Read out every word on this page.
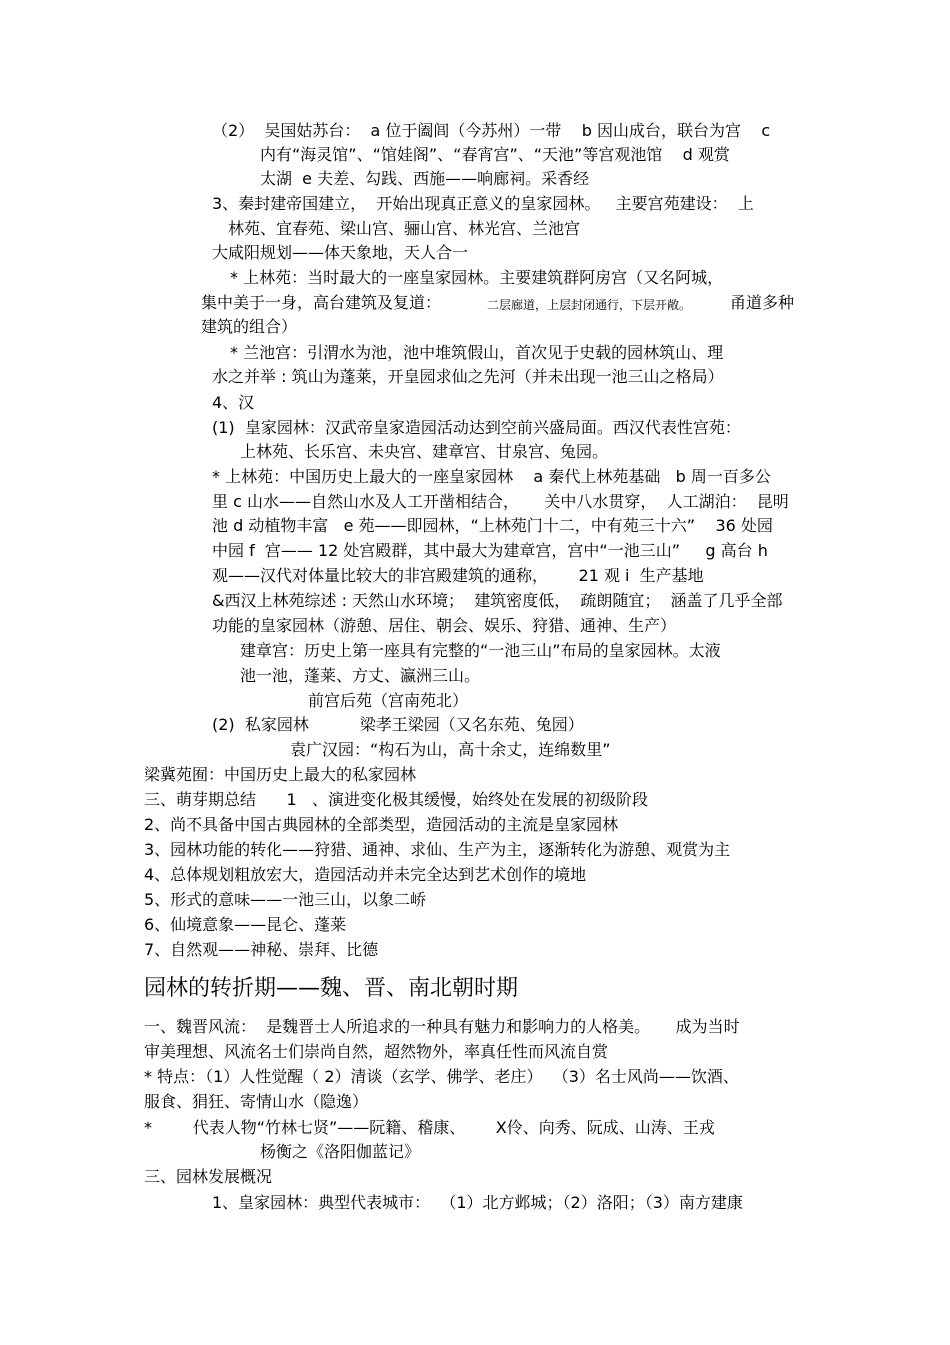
（2）  吴国姑苏台：  a 位于阖闾（今苏州）一带    b 因山成台，联台为宫    c
内有“海灵馆”、“馆娃阁”、“春宵宫”、“天池”等宫观池馆    d 观赏
太湖  e 夫差、勾践、西施——响廊祠。采香经
3、秦封建帝国建立，  开始出现真正意义的皇家园林。   主要宫苑建设：  上
林苑、宜春苑、梁山宫、骊山宫、林光宫、兰池宫
大咸阳规划——体天象地，天人合一
* 上林苑：当时最大的一座皇家园林。主要建筑群阿房宫（又名阿城，
集中美于一身，高台建筑及复道：	二层廊道，上层封闭通行，下层开敞。 甬道多种
建筑的组合）
* 兰池宫：引渭水为池，池中堆筑假山，首次见于史载的园林筑山、理
水之并举 : 筑山为蓬莱，开皇园求仙之先河（并未出现一池三山之格局）
4、汉
(1)  皇家园林：汉武帝皇家造园活动达到空前兴盛局面。西汉代表性宫苑：
上林苑、长乐宫、未央宫、建章宫、甘泉宫、兔园。
* 上林苑：中国历史上最大的一座皇家园林    a 秦代上林苑基础   b 周一百多公
里 c 山水——自然山水及人工开凿相结合，     关中八水贯穿，  人工湖泊：  昆明
池 d 动植物丰富   e 苑——即园林，“上林苑门十二，中有苑三十六”    36 处园
中园 f  宫—— 12 处宫殿群，其中最大为建章宫，宫中“一池三山”     g 高台 h
观——汉代对体量比较大的非宫殿建筑的通称，      21 观 i  生产基地
&西汉上林苑综述 : 天然山水环境；  建筑密度低，  疏朗随宜；  涵盖了几乎全部
功能的皇家园林（游憩、居住、朝会、娱乐、狩猎、通神、生产）
建章宫：历史上第一座具有完整的“一池三山”布局的皇家园林。太液
池一池，蓬莱、方丈、瀛洲三山。
前宫后苑（宫南苑北）
(2)  私家园林          梁孝王梁园（又名东苑、兔园）
袁广汉园：“构石为山，高十余丈，连绵数里”
梁冀苑囿：中国历史上最大的私家园林
三、萌芽期总结      1   、演进变化极其缓慢，始终处在发展的初级阶段
2、尚不具备中国古典园林的全部类型，造园活动的主流是皇家园林
3、园林功能的转化——狩猎、通神、求仙、生产为主，逐渐转化为游憩、观赏为主
4、总体规划粗放宏大，造园活动并未完全达到艺术创作的境地
5、形式的意味——一池三山，以象二峤
6、仙境意象——昆仑、蓬莱
7、自然观——神秘、崇拜、比德
园林的转折期——魏、晋、南北朝时期
一、魏晋风流：  是魏晋士人所追求的一种具有魅力和影响力的人格美。     成为当时
审美理想、风流名士们崇尚自然，超然物外，率真任性而风流自赏
* 特点：（1）人性觉醒（ 2）清谈（玄学、佛学、老庄）  （3）名士风尚——饮酒、
服食、狷狂、寄情山水（隐逸）
*        代表人物“竹林七贤”——阮籍、稽康、      X伶、向秀、阮成、山涛、王戎
杨衡之《洛阳伽蓝记》
三、园林发展概况
1、皇家园林：典型代表城市：  （1）北方邺城；（2）洛阳；（3）南方建康
